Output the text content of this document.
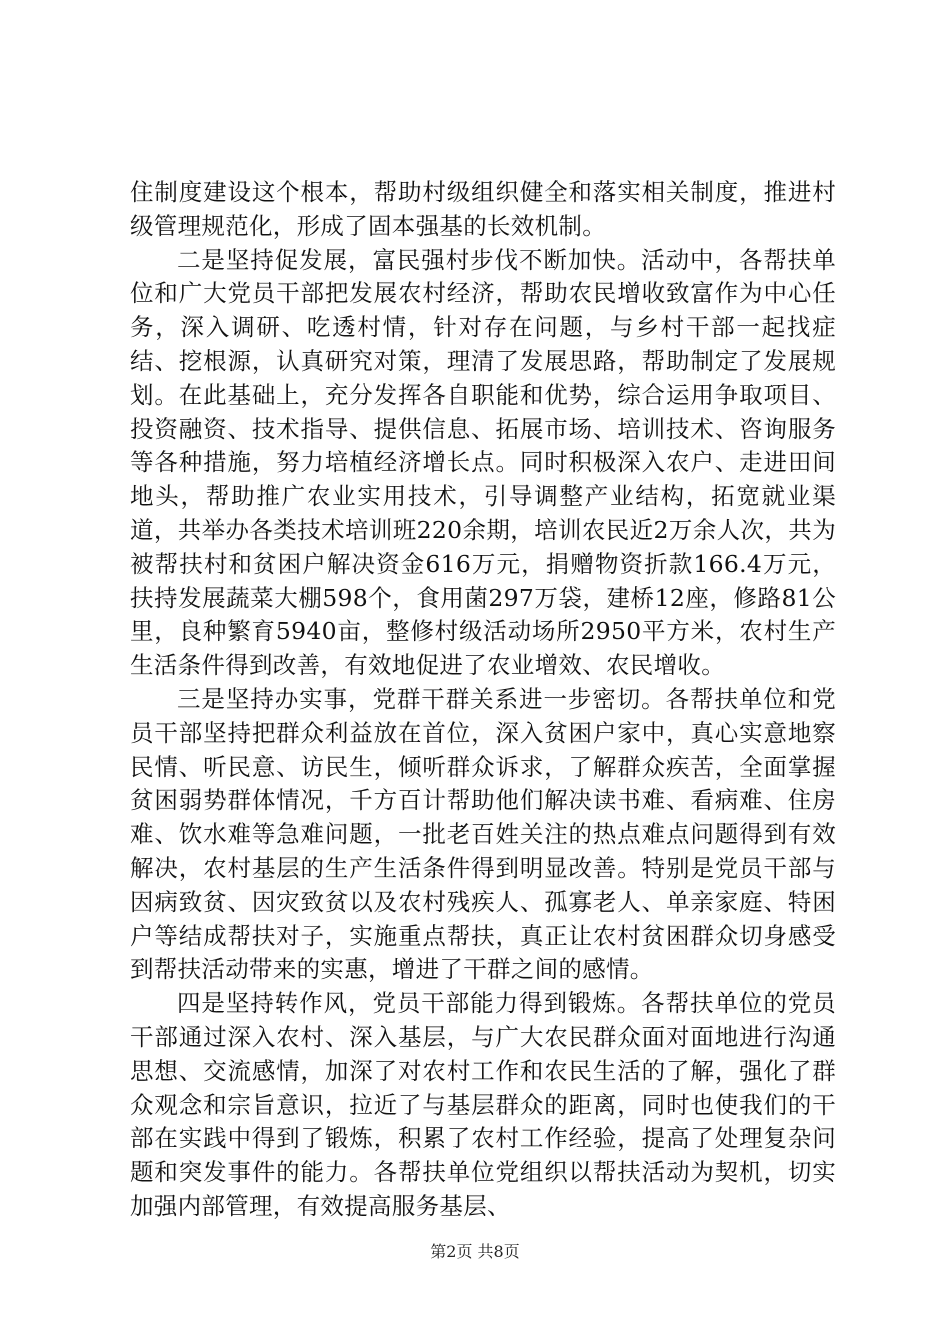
住制度建设这个根本，帮助村级组织健全和落实相关制度，推进村级管理规范化，形成了固本强基的长效机制。

二是坚持促发展，富民强村步伐不断加快。活动中，各帮扶单位和广大党员干部把发展农村经济，帮助农民增收致富作为中心任务，深入调研、吃透村情，针对存在问题，与乡村干部一起找症结、挖根源，认真研究对策，理清了发展思路，帮助制定了发展规划。在此基础上，充分发挥各自职能和优势，综合运用争取项目、投资融资、技术指导、提供信息、拓展市场、培训技术、咨询服务等各种措施，努力培植经济增长点。同时积极深入农户、走进田间地头，帮助推广农业实用技术，引导调整产业结构，拓宽就业渠道，共举办各类技术培训班220余期，培训农民近2万余人次，共为被帮扶村和贫困户解决资金616万元，捐赠物资折款166.4万元，扶持发展蔬菜大棚598个，食用菌297万袋，建桥12座，修路81公里，良种繁育5940亩，整修村级活动场所2950平方米，农村生产生活条件得到改善，有效地促进了农业增效、农民增收。

三是坚持办实事，党群干群关系进一步密切。各帮扶单位和党员干部坚持把群众利益放在首位，深入贫困户家中，真心实意地察民情、听民意、访民生，倾听群众诉求，了解群众疾苦，全面掌握贫困弱势群体情况，千方百计帮助他们解决读书难、看病难、住房难、饮水难等急难问题，一批老百姓关注的热点难点问题得到有效解决，农村基层的生产生活条件得到明显改善。特别是党员干部与因病致贫、因灾致贫以及农村残疾人、孤寡老人、单亲家庭、特困户等结成帮扶对子，实施重点帮扶，真正让农村贫困群众切身感受到帮扶活动带来的实惠，增进了干群之间的感情。

四是坚持转作风，党员干部能力得到锻炼。各帮扶单位的党员干部通过深入农村、深入基层，与广大农民群众面对面地进行沟通思想、交流感情，加深了对农村工作和农民生活的了解，强化了群众观念和宗旨意识，拉近了与基层群众的距离，同时也使我们的干部在实践中得到了锻炼，积累了农村工作经验，提高了处理复杂问题和突发事件的能力。各帮扶单位党组织以帮扶活动为契机，切实加强内部管理，有效提高服务基层、

第2页 共8页
